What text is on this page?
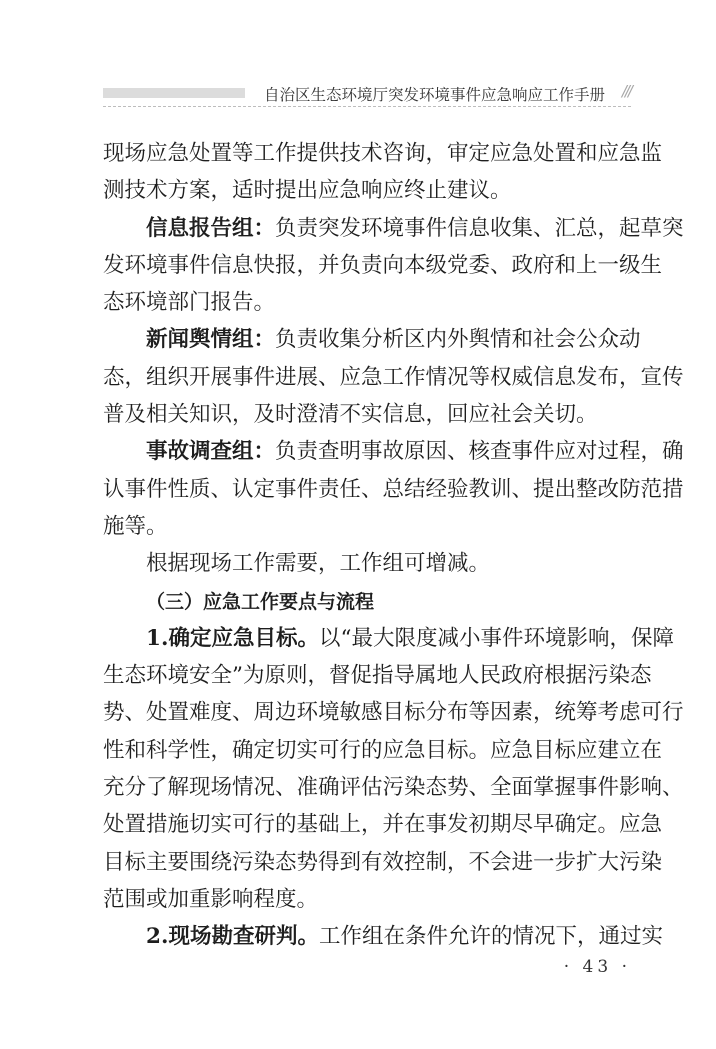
自治区生态环境厅突发环境事件应急响应工作手册 ///
现场应急处置等工作提供技术咨询，审定应急处置和应急监
测技术方案，适时提出应急响应终止建议。
信息报告组：负责突发环境事件信息收集、汇总，起草突
发环境事件信息快报，并负责向本级党委、政府和上一级生
态环境部门报告。
新闻舆情组：负责收集分析区内外舆情和社会公众动
态，组织开展事件进展、应急工作情况等权威信息发布，宣传
普及相关知识，及时澄清不实信息，回应社会关切。
事故调查组：负责查明事故原因、核查事件应对过程，确
认事件性质、认定事件责任、总结经验教训、提出整改防范措
施等。
根据现场工作需要，工作组可增减。
（三）应急工作要点与流程
1.确定应急目标。以“最大限度减小事件环境影响，保障
生态环境安全”为原则，督促指导属地人民政府根据污染态
势、处置难度、周边环境敏感目标分布等因素，统筹考虑可行
性和科学性，确定切实可行的应急目标。应急目标应建立在
充分了解现场情况、准确评估污染态势、全面掌握事件影响、
处置措施切实可行的基础上，并在事发初期尽早确定。应急
目标主要围绕污染态势得到有效控制，不会进一步扩大污染
范围或加重影响程度。
2.现场勘查研判。工作组在条件允许的情况下，通过实
· 43 ·
